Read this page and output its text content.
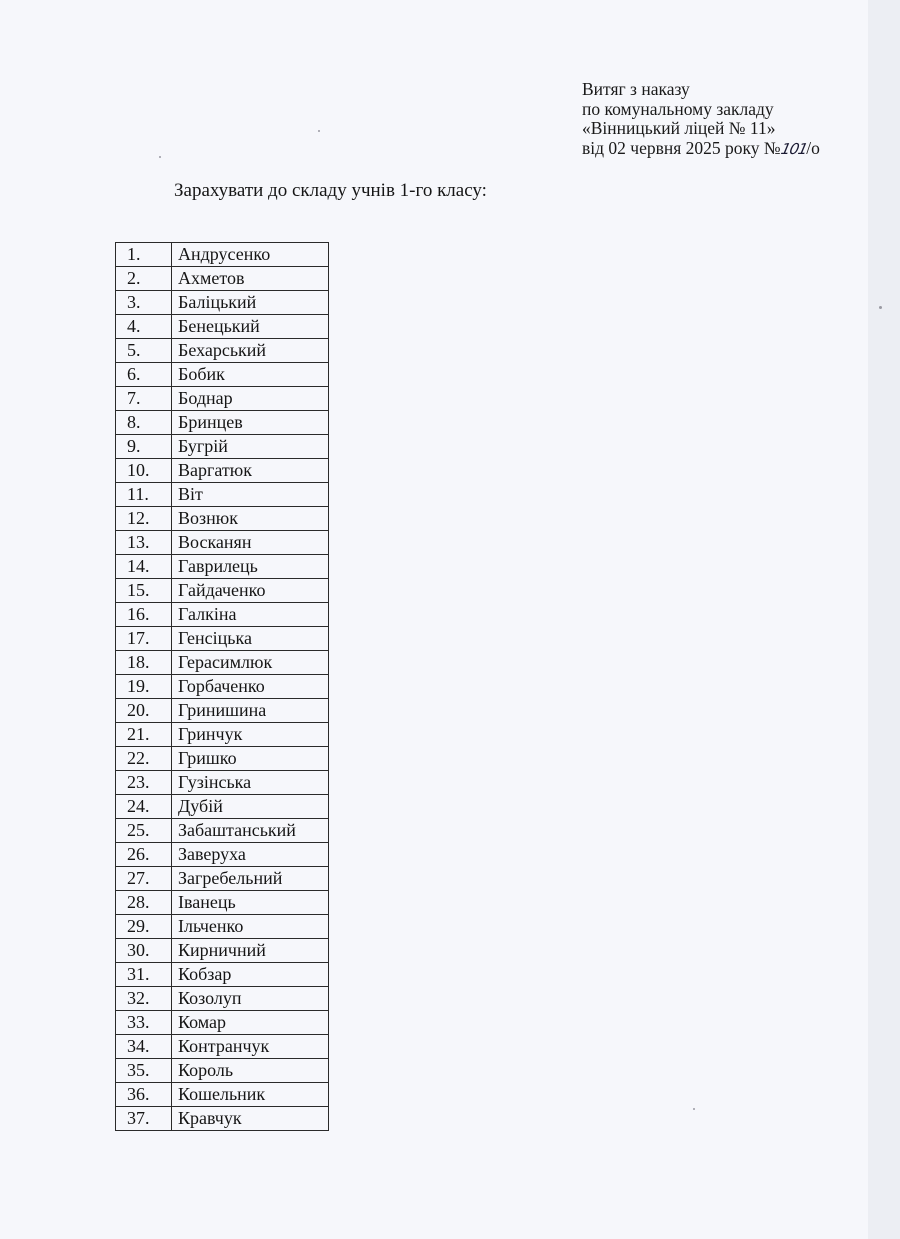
Витяг з наказу
по комунальному закладу
«Вінницький ліцей № 11»
від 02 червня 2025 року №101/о
Зарахувати до складу учнів 1-го класу:
1.	Андрусенко
2.	Ахметов
3.	Баліцький
4.	Бенецький
5.	Бехарський
6.	Бобик
7.	Боднар
8.	Бринцев
9.	Бугрій
10.	Варгатюк
11.	Віт
12.	Вознюк
13.	Восканян
14.	Гаврилець
15.	Гайдаченко
16.	Галкіна
17.	Генсіцька
18.	Герасимлюк
19.	Горбаченко
20.	Гринишина
21.	Гринчук
22.	Гришко
23.	Гузінська
24.	Дубій
25.	Забаштанський
26.	Заверуха
27.	Загребельний
28.	Іванець
29.	Ільченко
30.	Кирничний
31.	Кобзар
32.	Козолуп
33.	Комар
34.	Контранчук
35.	Король
36.	Кошельник
37.	Кравчук
